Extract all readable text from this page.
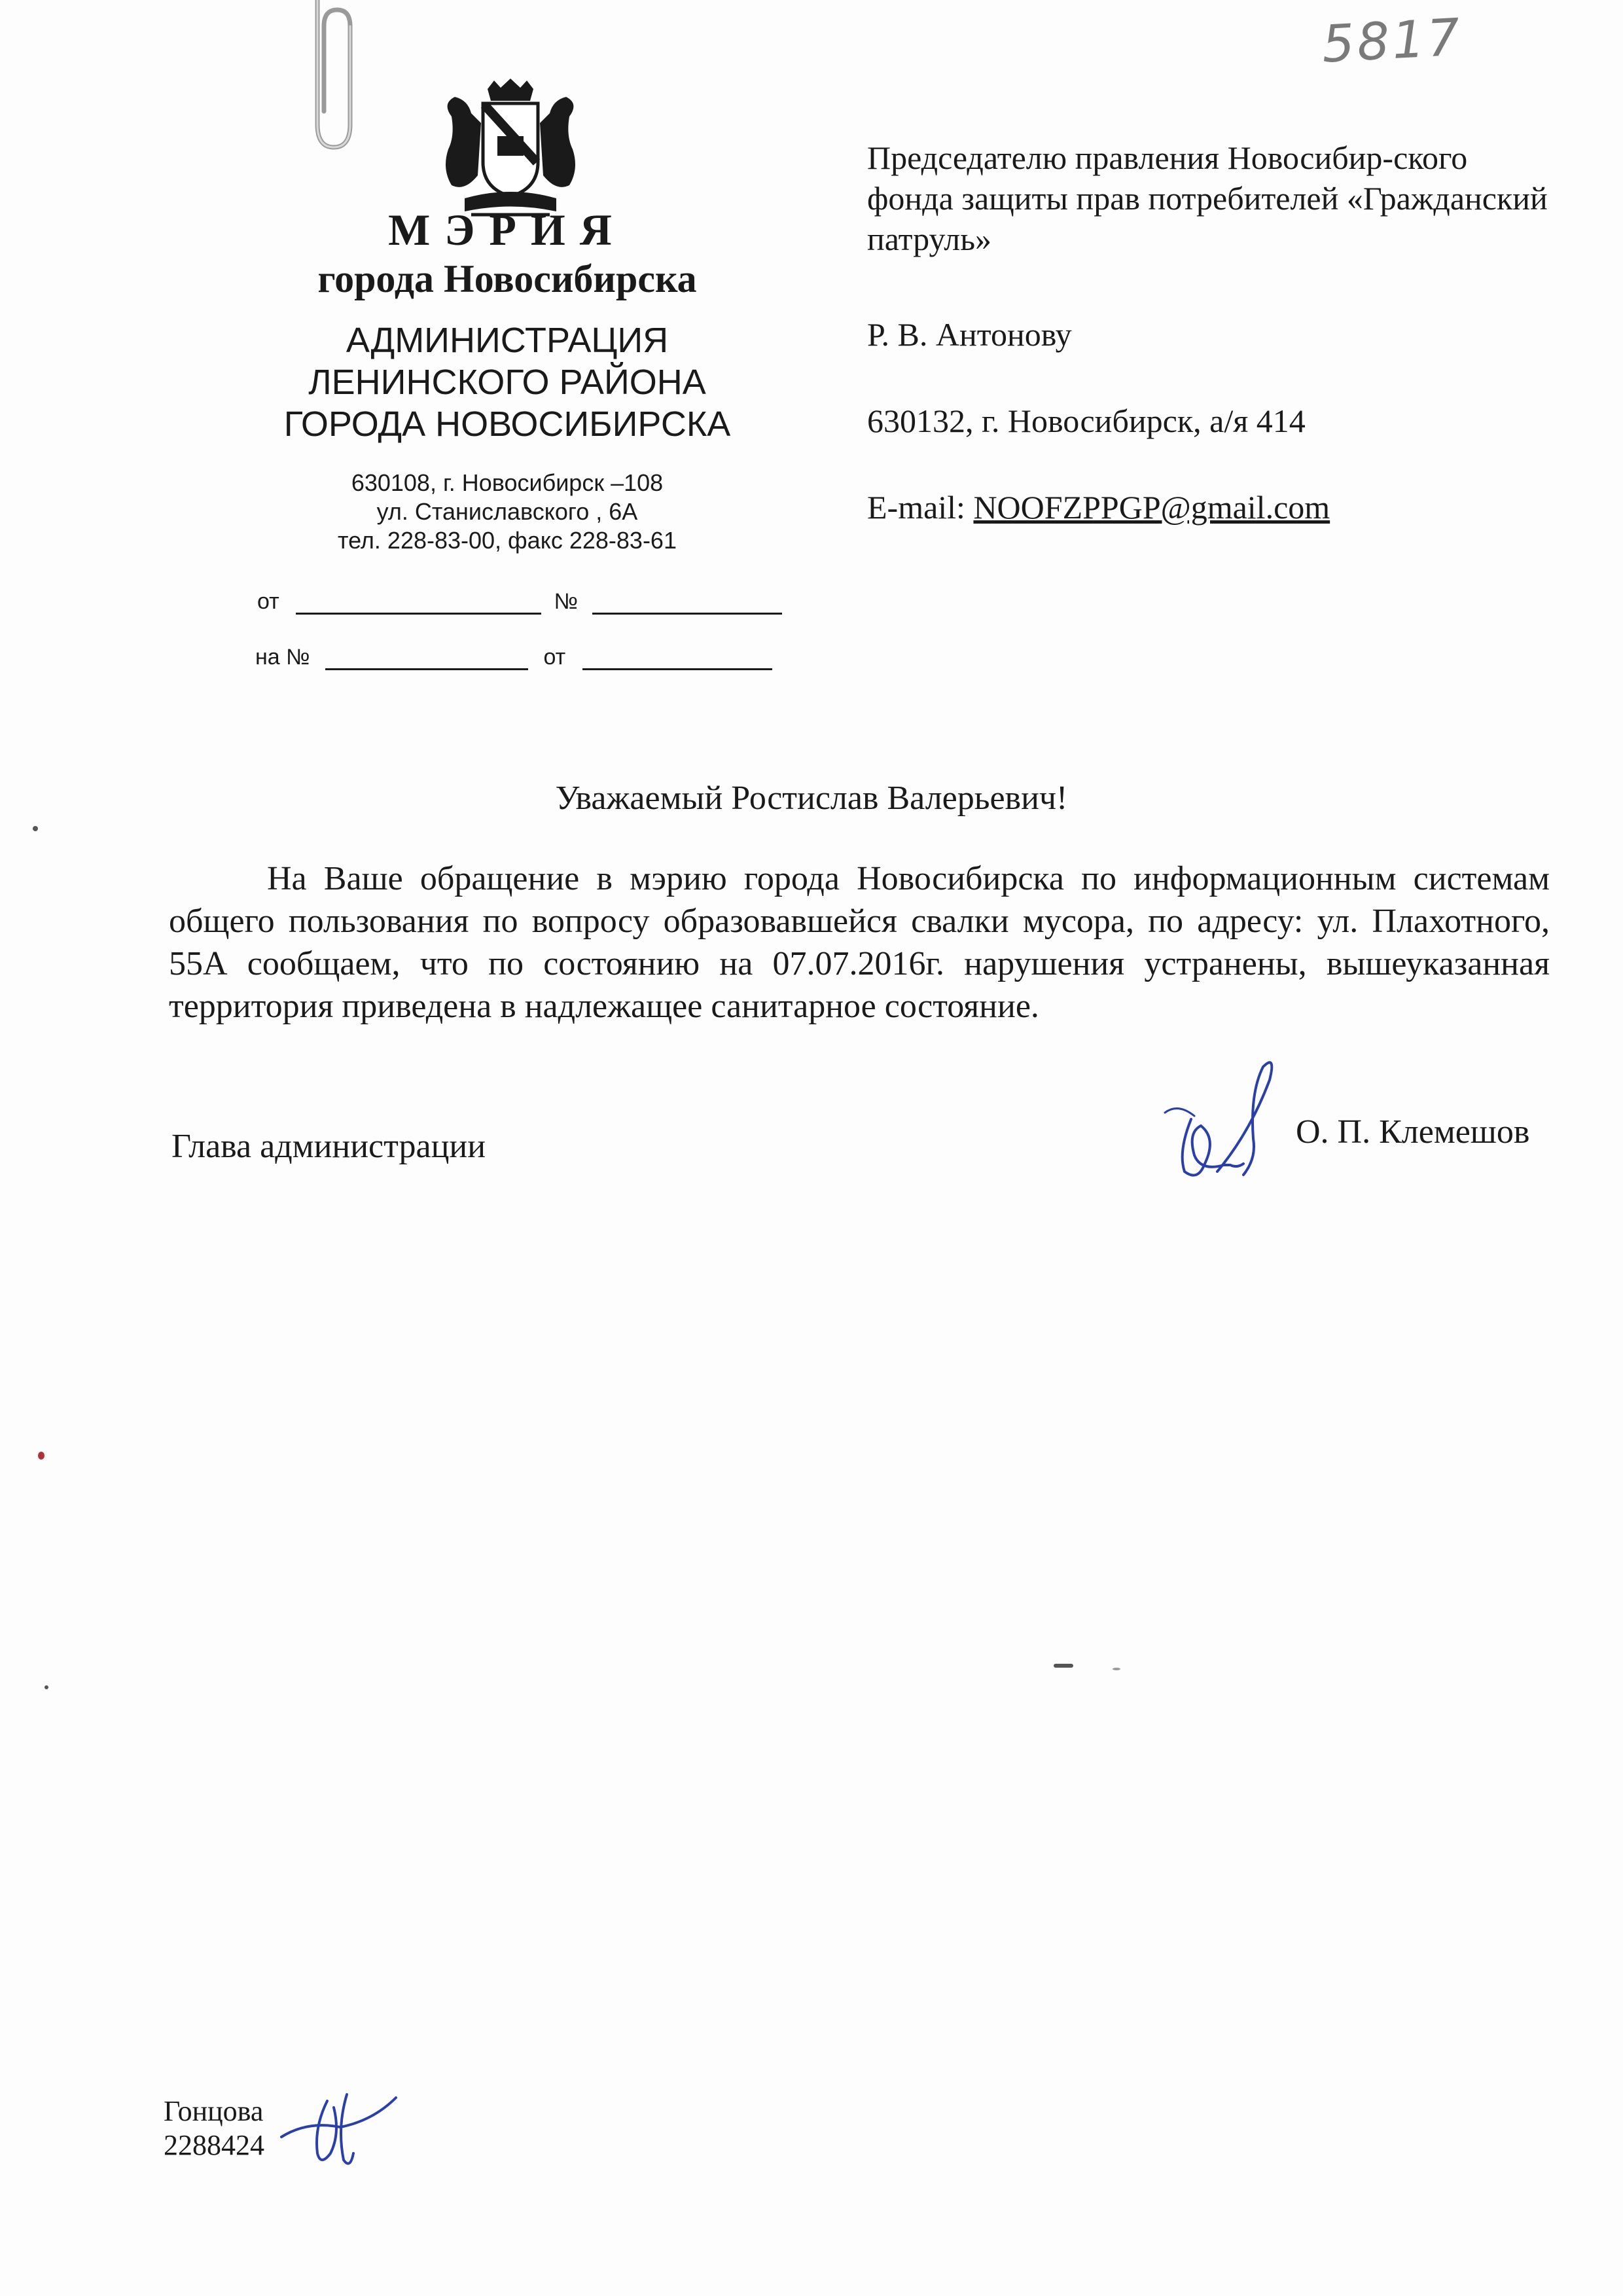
5817
МЭРИЯ
города Новосибирска
АДМИНИСТРАЦИЯ
ЛЕНИНСКОГО РАЙОНА
ГОРОДА НОВОСИБИРСКА
630108, г. Новосибирск –108
ул. Станиславского , 6А
тел. 228-83-00, факс 228-83-61
от	№
на №	от
Председателю правления Новосибир-ского фонда защиты прав потребителей «Гражданский патруль»
Р. В. Антонову
630132, г. Новосибирск, а/я 414
E-mail: NOOFZPPGP@gmail.com
Уважаемый Ростислав Валерьевич!
На Ваше обращение в мэрию города Новосибирска по информационным системам общего пользования по вопросу образовавшейся свалки мусора, по адресу: ул. Плахотного, 55А сообщаем, что по состоянию на 07.07.2016г. нарушения устранены, вышеуказанная территория приведена в надлежащее санитарное состояние.
Глава администрации	О. П. Клемешов
Гонцова
2288424
